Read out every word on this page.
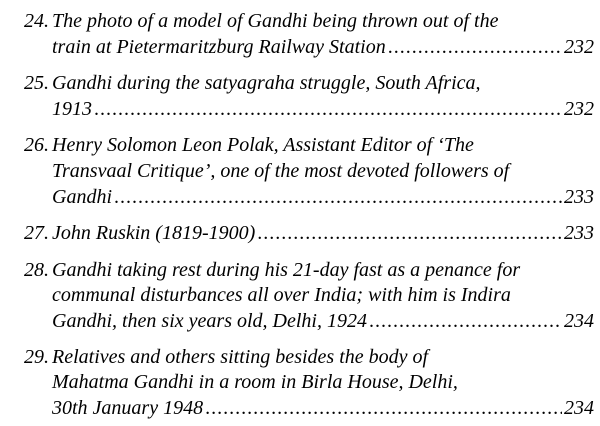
24. The photo of a model of Gandhi being thrown out of the
train at Pietermaritzburg Railway Station .....	232
25. Gandhi during the satyagraha struggle, South Africa,
1913 .....	232
26. Henry Solomon Leon Polak, Assistant Editor of ‘The
Transvaal Critique’, one of the most devoted followers of
Gandhi .....	233
27. John Ruskin (1819-1900) .....	233
28. Gandhi taking rest during his 21-day fast as a penance for
communal disturbances all over India; with him is Indira
Gandhi, then six years old, Delhi, 1924 .....	234
29. Relatives and others sitting besides the body of
Mahatma Gandhi in a room in Birla House, Delhi,
30th January 1948 .....	234
